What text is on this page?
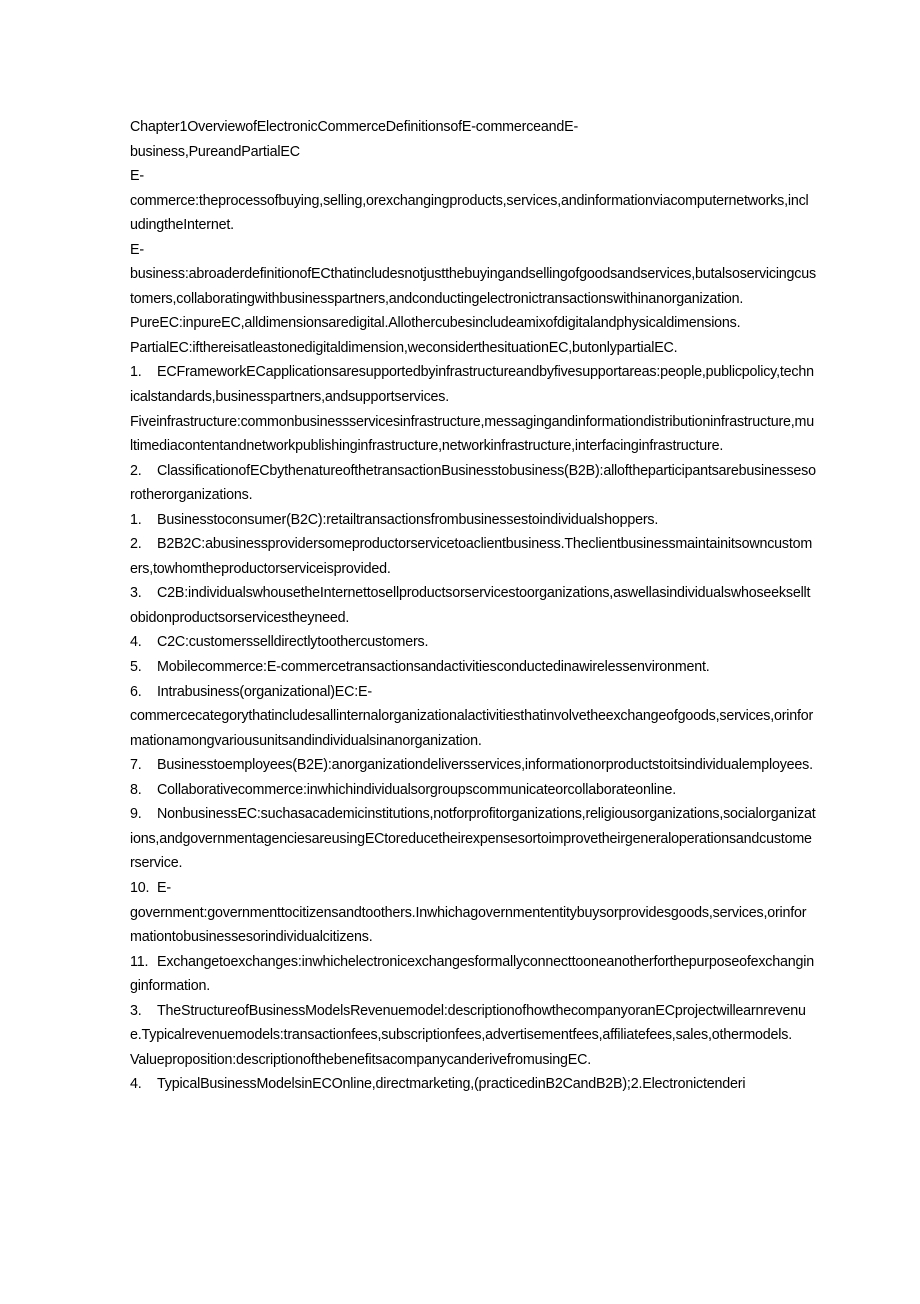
Chapter1OverviewofElectronicCommerceDefinitionsofE-commerceandE-

business,PureandPartialEC

E-

commerce:theprocessofbuying,selling,orexchangingproducts,services,andinformationviacomputernetworks,includingtheInternet.

E-

business:abroaderdefinitionofECthatincludesnotjustthebuyingandsellingofgoodsandservices,butalsoservicingcustomers,collaboratingwithbusinesspartners,andconductingelectronictransactionswithinanorganization.

PureEC:inpureEC,alldimensionsaredigital.Allothercubesincludeamixofdigitalandphysicaldimensions.

PartialEC:ifthereisatleastonedigitaldimension,weconsiderthesituationEC,butonlypartialEC.

1. ECFrameworkECapplicationsaresupportedbyinfrastructureandbyfivesupportareas:people,publicpolicy,technicalstandards,businesspartners,andsupportservices.

Fiveinfrastructure:commonbusinessservicesinfrastructure,messagingandinformationdistributioninfrastructure,multimediacontentandnetworkpublishinginfrastructure,networkinfrastructure,interfacinginfrastructure.

2. ClassificationofECbythenatureofthetransactionBusinesstobusiness(B2B):alloftheparticipantsarebusinessesorotherorganizations.

1. Businesstoconsumer(B2C):retailtransactionsfrombusinessestoindividualshoppers.

2. B2B2C:abusinessprovidersomeproductorservicetoaclientbusiness.Theclientbusinessmaintainitsowncustomers,towhomtheproductorserviceisprovided.

3. C2B:individualswhousetheInternettosellproductsorservicestoorganizations,aswellasindividualswhoseekselltobidonproductsorservicestheyneed.

4. C2C:customersselldirectlytoothercustomers.

5. Mobilecommerce:E-commercetransactionsandactivitiesconductedinawirelessenvironment.

6. Intrabusiness(organizational)EC:E-

commercecategorythatincludesallinternalorganizationalactivitiesthatinvolvetheexchangeofgoods,services,orinformationamongvariousunitsandindividualsinanorganization.

7. Businesstoemployees(B2E):anorganizationdeliversservices,informationorproductstoitsindividualemployees.

8. Collaborativecommerce:inwhichindividualsorgroupscommunicateorcollaborateonline.

9. NonbusinessEC:suchasacademicinstitutions,notforprofitorganizations,religiousorganizations,socialorganizations,andgovernmentagenciesareusingECtoreducetheirexpensesortoimprovetheirgeneraloperationsandcustomerservice.

10. E-

government:governmenttocitizensandtoothers.Inwhichagovernmententitybuysorprovidesgoods,services,orinformationtobusinessesorindividualcitizens.

11. Exchangetoexchanges:inwhichelectronicexchangesformallyconnecttooneanotherforthepurposeofexchanginginformation.

3. TheStructureofBusinessModelsRevenuemodel:descriptionofhowthecompanyoranECprojectwillearnrevenue.Typicalrevenuemodels:transactionfees,subscriptionfees,advertisementfees,affiliatefees,sales,othermodels.

Valueproposition:descriptionofthebenefitsacompanycanderivefromusingEC.

4. TypicalBusinessModelsinECOnline,directmarketing,(practicedinB2CandB2B);2.Electronictenderi
